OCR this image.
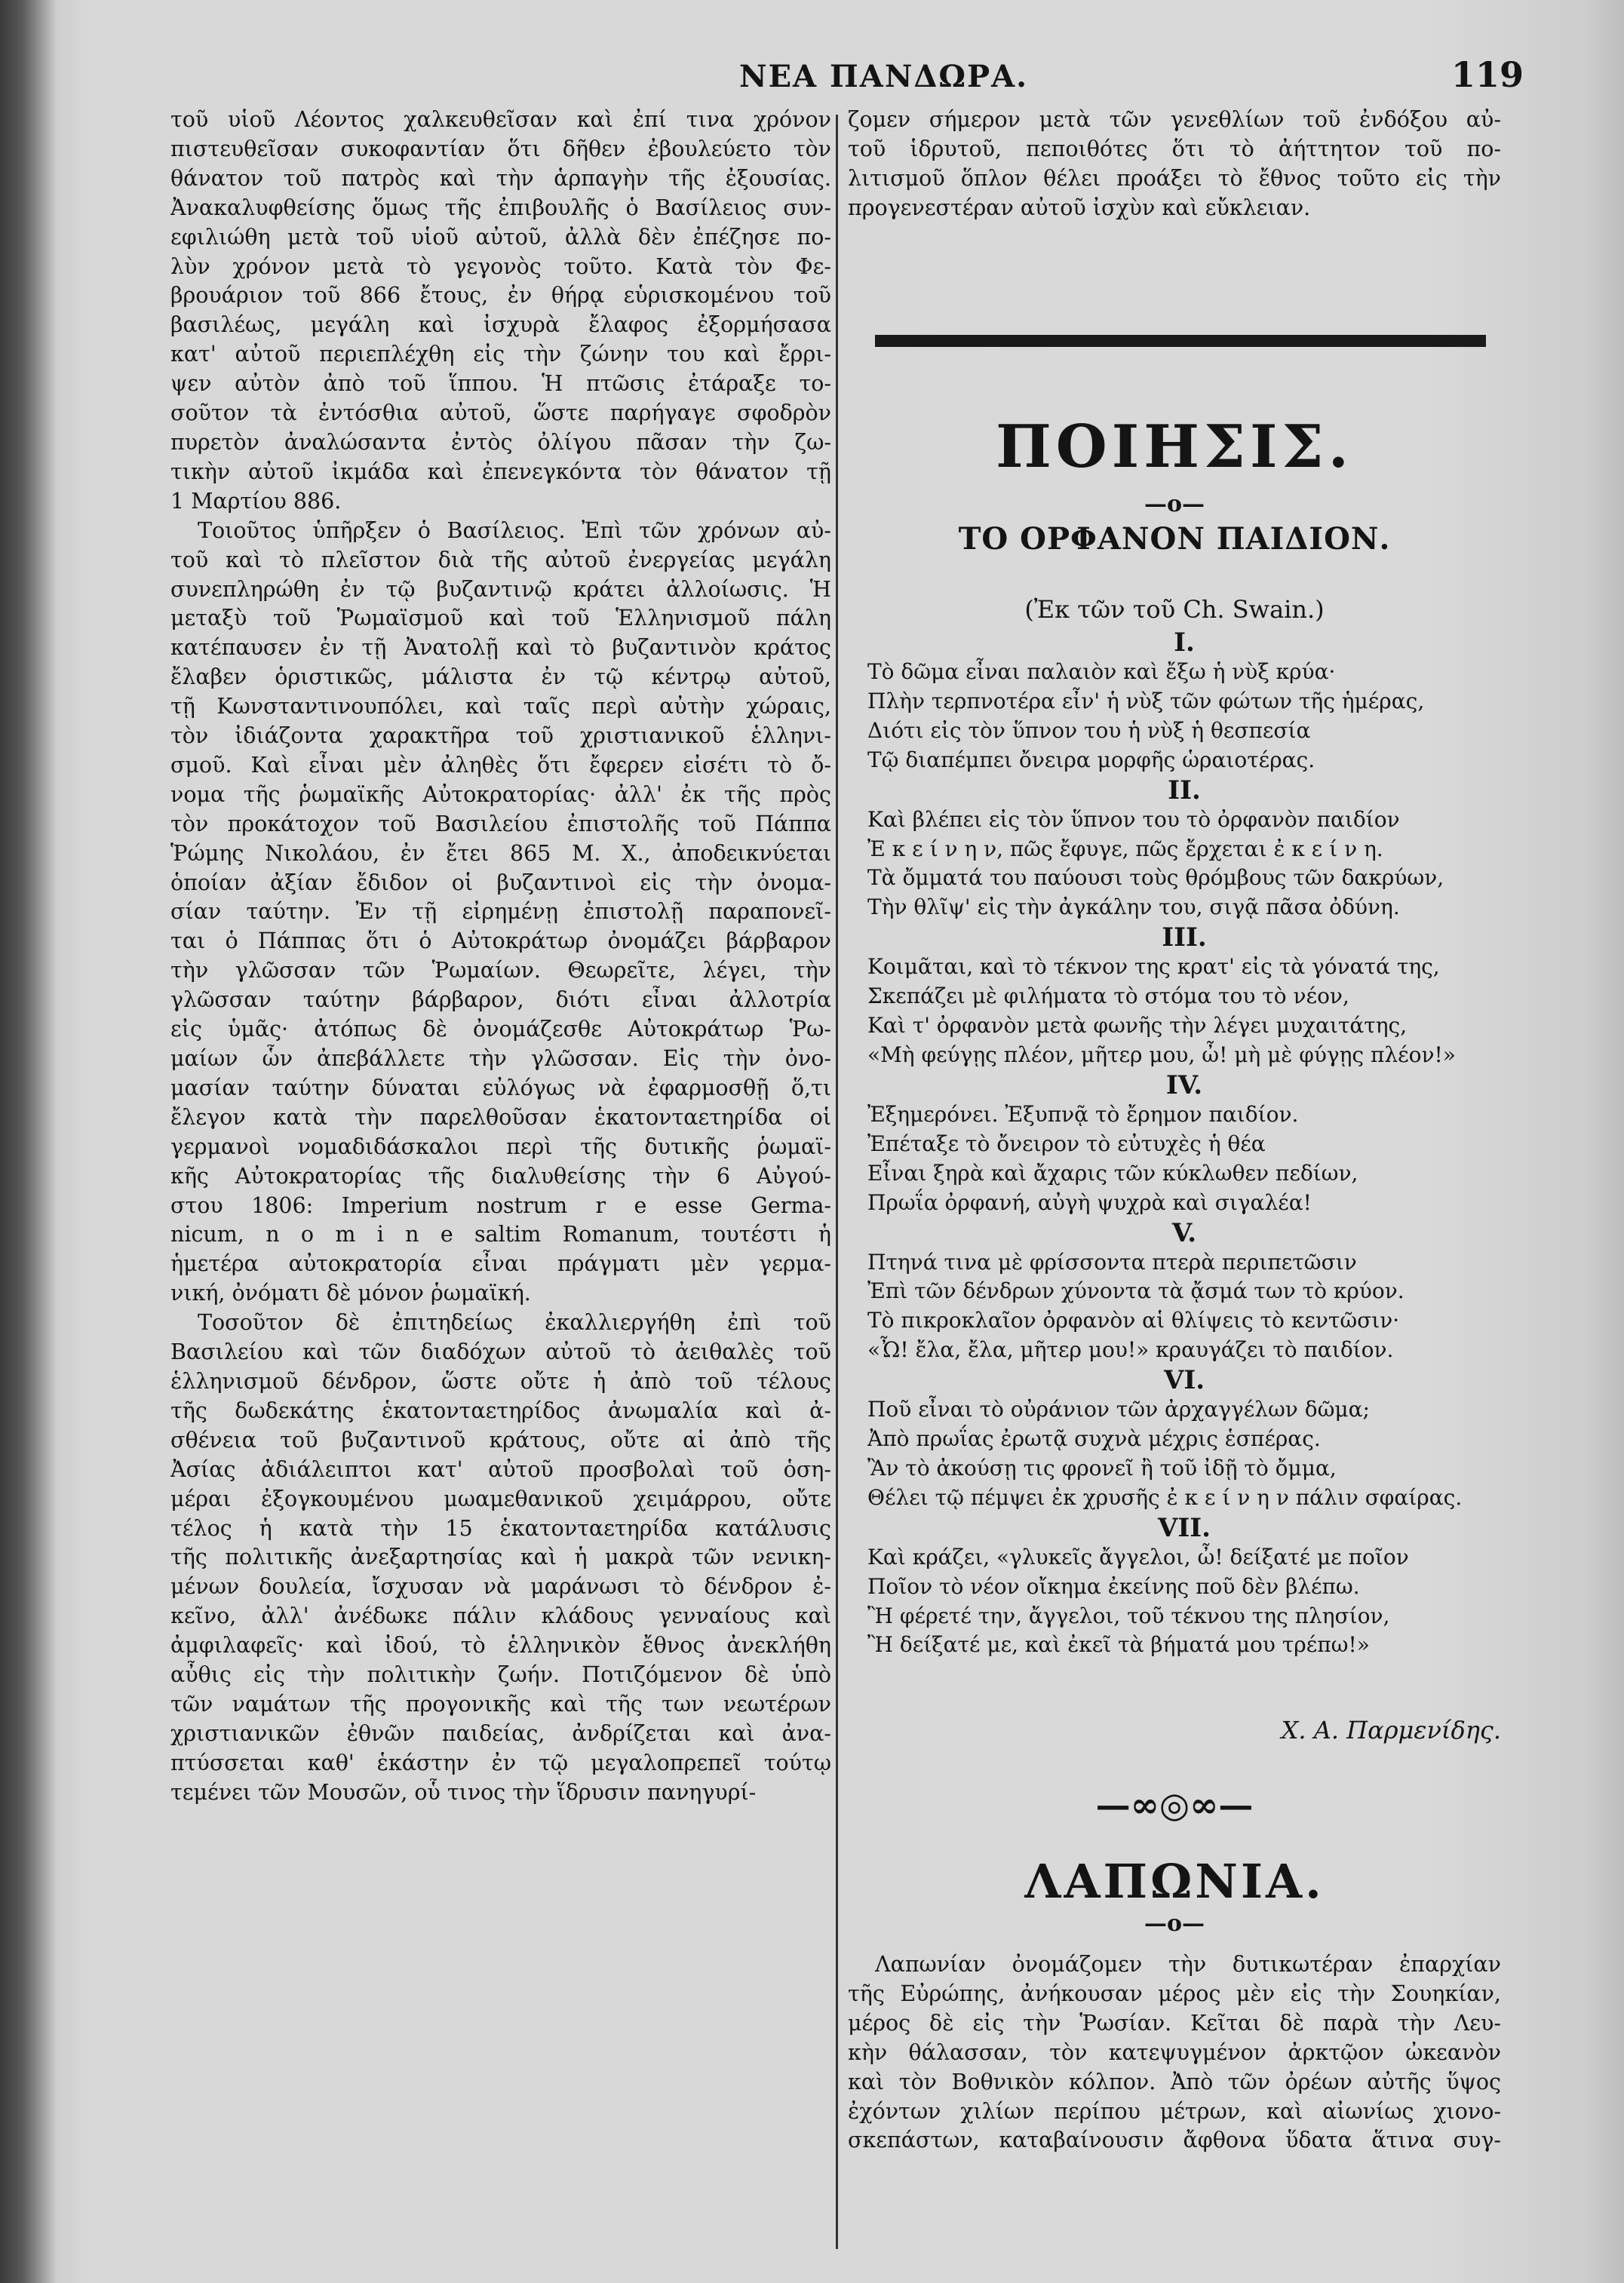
ΝΕΑ ΠΑΝΔΩΡΑ.	119
τοῦ υἱοῦ Λέοντος χαλκευθεῖσαν καὶ ἐπί τινα χρόνον
πιστευθεῖσαν συκοφαντίαν ὅτι δῆθεν ἐβουλεύετο τὸν
θάνατον τοῦ πατρὸς καὶ τὴν ἁρπαγὴν τῆς ἐξουσίας.
Ἀνακαλυφθείσης ὅμως τῆς ἐπιβουλῆς ὁ Βασίλειος συν-
εφιλιώθη μετὰ τοῦ υἱοῦ αὐτοῦ, ἀλλὰ δὲν ἐπέζησε πο-
λὺν χρόνον μετὰ τὸ γεγονὸς τοῦτο. Κατὰ τὸν Φε-
βρουάριον τοῦ 866 ἔτους, ἐν θήρᾳ εὑρισκομένου τοῦ
βασιλέως, μεγάλη καὶ ἰσχυρὰ ἔλαφος ἐξορμήσασα
κατ' αὐτοῦ περιεπλέχθη εἰς τὴν ζώνην του καὶ ἔρρι-
ψεν αὐτὸν ἀπὸ τοῦ ἵππου. Ἡ πτῶσις ἐτάραξε το-
σοῦτον τὰ ἐντόσθια αὐτοῦ, ὥστε παρήγαγε σφοδρὸν
πυρετὸν ἀναλώσαντα ἐντὸς ὀλίγου πᾶσαν τὴν ζω-
τικὴν αὐτοῦ ἰκμάδα καὶ ἐπενεγκόντα τὸν θάνατον τῇ
1 Μαρτίου 886.
Τοιοῦτος ὑπῆρξεν ὁ Βασίλειος. Ἐπὶ τῶν χρόνων αὐ-
τοῦ καὶ τὸ πλεῖστον διὰ τῆς αὐτοῦ ἐνεργείας μεγάλη
συνεπληρώθη ἐν τῷ βυζαντινῷ κράτει ἀλλοίωσις. Ἡ
μεταξὺ τοῦ Ῥωμαϊσμοῦ καὶ τοῦ Ἑλληνισμοῦ πάλη
κατέπαυσεν ἐν τῇ Ἀνατολῇ καὶ τὸ βυζαντινὸν κράτος
ἔλαβεν ὁριστικῶς, μάλιστα ἐν τῷ κέντρῳ αὐτοῦ,
τῇ Κωνσταντινουπόλει, καὶ ταῖς περὶ αὐτὴν χώραις,
τὸν ἰδιάζοντα χαρακτῆρα τοῦ χριστιανικοῦ ἑλληνι-
σμοῦ. Καὶ εἶναι μὲν ἀληθὲς ὅτι ἔφερεν εἰσέτι τὸ ὄ-
νομα τῆς ῥωμαϊκῆς Αὐτοκρατορίας· ἀλλ' ἐκ τῆς πρὸς
τὸν προκάτοχον τοῦ Βασιλείου ἐπιστολῆς τοῦ Πάππα
Ῥώμης Νικολάου, ἐν ἔτει 865 Μ. Χ., ἀποδεικνύεται
ὁποίαν ἀξίαν ἔδιδον οἱ βυζαντινοὶ εἰς τὴν ὀνομα-
σίαν ταύτην. Ἐν τῇ εἰρημένῃ ἐπιστολῇ παραπονεῖ-
ται ὁ Πάππας ὅτι ὁ Αὐτοκράτωρ ὀνομάζει βάρβαρον
τὴν γλῶσσαν τῶν Ῥωμαίων. Θεωρεῖτε, λέγει, τὴν
γλῶσσαν ταύτην βάρβαρον, διότι εἶναι ἀλλοτρία
εἰς ὑμᾶς· ἀτόπως δὲ ὀνομάζεσθε Αὐτοκράτωρ Ῥω-
μαίων ὧν ἀπεβάλλετε τὴν γλῶσσαν. Εἰς τὴν ὀνο-
μασίαν ταύτην δύναται εὐλόγως νὰ ἐφαρμοσθῇ ὅ,τι
ἔλεγον κατὰ τὴν παρελθοῦσαν ἑκατονταετηρίδα οἱ
γερμανοὶ νομαδιδάσκαλοι περὶ τῆς δυτικῆς ῥωμαϊ-
κῆς Αὐτοκρατορίας τῆς διαλυθείσης τὴν 6 Αὐγού-
στου 1806: Imperium nostrum r e esse Germa-
nicum, n o m i n e saltim Romanum, τουτέστι ἡ
ἡμετέρα αὐτοκρατορία εἶναι πράγματι μὲν γερμα-
νική, ὀνόματι δὲ μόνον ῥωμαϊκή.
Τοσοῦτον δὲ ἐπιτηδείως ἐκαλλιεργήθη ἐπὶ τοῦ
Βασιλείου καὶ τῶν διαδόχων αὐτοῦ τὸ ἀειθαλὲς τοῦ
ἑλληνισμοῦ δένδρον, ὥστε οὔτε ἡ ἀπὸ τοῦ τέλους
τῆς δωδεκάτης ἑκατονταετηρίδος ἀνωμαλία καὶ ἀ-
σθένεια τοῦ βυζαντινοῦ κράτους, οὔτε αἱ ἀπὸ τῆς
Ἀσίας ἀδιάλειπτοι κατ' αὐτοῦ προσβολαὶ τοῦ ὁση-
μέραι ἐξογκουμένου μωαμεθανικοῦ χειμάρρου, οὔτε
τέλος ἡ κατὰ τὴν 15 ἑκατονταετηρίδα κατάλυσις
τῆς πολιτικῆς ἀνεξαρτησίας καὶ ἡ μακρὰ τῶν νενικη-
μένων δουλεία, ἴσχυσαν νὰ μαράνωσι τὸ δένδρον ἐ-
κεῖνο, ἀλλ' ἀνέδωκε πάλιν κλάδους γενναίους καὶ
ἀμφιλαφεῖς· καὶ ἰδού, τὸ ἑλληνικὸν ἔθνος ἀνεκλήθη
αὖθις εἰς τὴν πολιτικὴν ζωήν. Ποτιζόμενον δὲ ὑπὸ
τῶν ναμάτων τῆς προγονικῆς καὶ τῆς των νεωτέρων
χριστιανικῶν ἐθνῶν παιδείας, ἀνδρίζεται καὶ ἀνα-
πτύσσεται καθ' ἑκάστην ἐν τῷ μεγαλοπρεπεῖ τούτῳ
τεμένει τῶν Μουσῶν, οὗ τινος τὴν ἵδρυσιν πανηγυρί-
ζομεν σήμερον μετὰ τῶν γενεθλίων τοῦ ἐνδόξου αὐ-
τοῦ ἱδρυτοῦ, πεποιθότες ὅτι τὸ ἀήττητον τοῦ πο-
λιτισμοῦ ὅπλον θέλει προάξει τὸ ἔθνος τοῦτο εἰς τὴν
προγενεστέραν αὐτοῦ ἰσχὺν καὶ εὔκλειαν.
ΠΟΙΗΣΙΣ.
—o—
ΤΟ ΟΡΦΑΝΟΝ ΠΑΙΔΙΟΝ.
(Ἐκ τῶν τοῦ Ch. Swain.)
I.
Τὸ δῶμα εἶναι παλαιὸν καὶ ἔξω ἡ νὺξ κρύα·
Πλὴν τερπνοτέρα εἶν' ἡ νὺξ τῶν φώτων τῆς ἡμέρας,
Διότι εἰς τὸν ὕπνον του ἡ νὺξ ἡ θεσπεσία
Τῷ διαπέμπει ὄνειρα μορφῆς ὡραιοτέρας.
II.
Καὶ βλέπει εἰς τὸν ὕπνον του τὸ ὀρφανὸν παιδίον
Ἐ κ ε ί ν η ν, πῶς ἔφυγε, πῶς ἔρχεται ἐ κ ε ί ν η.
Τὰ ὄμματά του παύουσι τοὺς θρόμβους τῶν δακρύων,
Τὴν θλῖψ' εἰς τὴν ἀγκάλην του, σιγᾷ πᾶσα ὀδύνη.
III.
Κοιμᾶται, καὶ τὸ τέκνον της κρατ' εἰς τὰ γόνατά της,
Σκεπάζει μὲ φιλήματα τὸ στόμα του τὸ νέον,
Καὶ τ' ὀρφανὸν μετὰ φωνῆς τὴν λέγει μυχαιτάτης,
«Μὴ φεύγῃς πλέον, μῆτερ μου, ὦ! μὴ μὲ φύγῃς πλέον!»
IV.
Ἐξημερόνει. Ἐξυπνᾷ τὸ ἔρημον παιδίον.
Ἐπέταξε τὸ ὄνειρον τὸ εὐτυχὲς ἡ θέα
Εἶναι ξηρὰ καὶ ἄχαρις τῶν κύκλωθεν πεδίων,
Πρωΐα ὀρφανή, αὐγὴ ψυχρὰ καὶ σιγαλέα!
V.
Πτηνά τινα μὲ φρίσσοντα πτερὰ περιπετῶσιν
Ἐπὶ τῶν δένδρων χύνοντα τὰ ᾄσμά των τὸ κρύον.
Τὸ πικροκλαῖον ὀρφανὸν αἱ θλίψεις τὸ κεντῶσιν·
«Ὦ! ἔλα, ἔλα, μῆτερ μου!» κραυγάζει τὸ παιδίον.
VI.
Ποῦ εἶναι τὸ οὐράνιον τῶν ἀρχαγγέλων δῶμα;
Ἀπὸ πρωΐας ἐρωτᾷ συχνὰ μέχρις ἑσπέρας.
Ἂν τὸ ἀκούσῃ τις φρονεῖ ἢ τοῦ ἰδῇ τὸ ὄμμα,
Θέλει τῷ πέμψει ἐκ χρυσῆς ἐ κ ε ί ν η ν πάλιν σφαίρας.
VII.
Καὶ κράζει, «γλυκεῖς ἄγγελοι, ὦ! δείξατέ με ποῖον
Ποῖον τὸ νέον οἴκημα ἐκείνης ποῦ δὲν βλέπω.
Ἢ φέρετέ την, ἄγγελοι, τοῦ τέκνου της πλησίον,
Ἢ δείξατέ με, καὶ ἐκεῖ τὰ βήματά μου τρέπω!»
Χ. Α. Παρμενίδης.
—∞◎∞—
ΛΑΠΩΝΙΑ.
—o—
Λαπωνίαν ὀνομάζομεν τὴν δυτικωτέραν ἐπαρχίαν
τῆς Εὐρώπης, ἀνήκουσαν μέρος μὲν εἰς τὴν Σουηκίαν,
μέρος δὲ εἰς τὴν Ῥωσίαν. Κεῖται δὲ παρὰ τὴν Λευ-
κὴν θάλασσαν, τὸν κατεψυγμένον ἀρκτῷον ὠκεανὸν
καὶ τὸν Βοθνικὸν κόλπον. Ἀπὸ τῶν ὀρέων αὐτῆς ὕψος
ἐχόντων χιλίων περίπου μέτρων, καὶ αἰωνίως χιονο-
σκεπάστων, καταβαίνουσιν ἄφθονα ὕδατα ἅτινα συγ-
